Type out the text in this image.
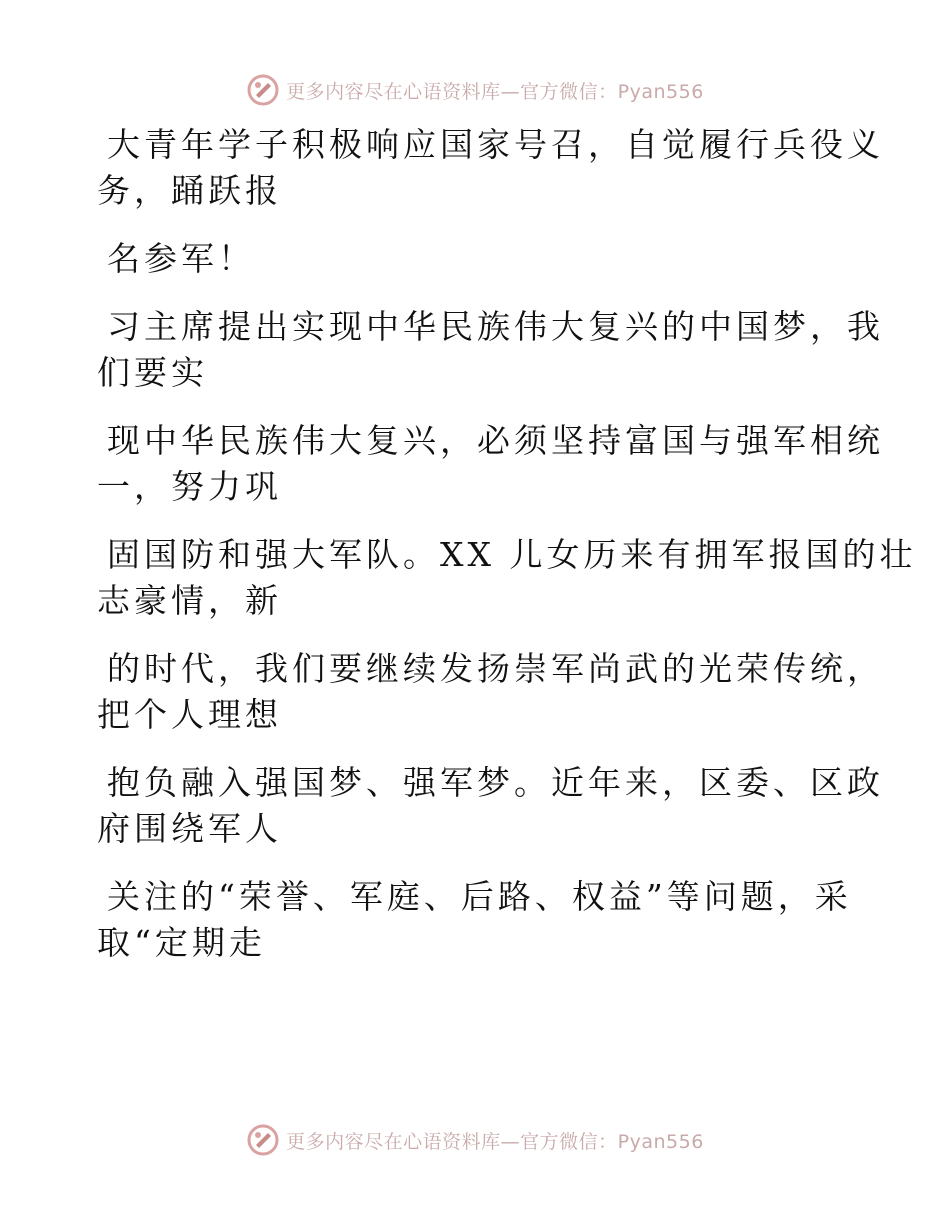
更多内容尽在心语资料库—官方微信：Pyan556
大青年学子积极响应国家号召，自觉履行兵役义
务，踊跃报
名参军！
习主席提出实现中华民族伟大复兴的中国梦，我
们要实
现中华民族伟大复兴，必须坚持富国与强军相统
一，努力巩
固国防和强大军队。XX 儿女历来有拥军报国的壮
志豪情，新
的时代，我们要继续发扬崇军尚武的光荣传统，
把个人理想
抱负融入强国梦、强军梦。近年来，区委、区政
府围绕军人
关注的“荣誉、军庭、后路、权益”等问题，采
取“定期走
更多内容尽在心语资料库—官方微信：Pyan556
